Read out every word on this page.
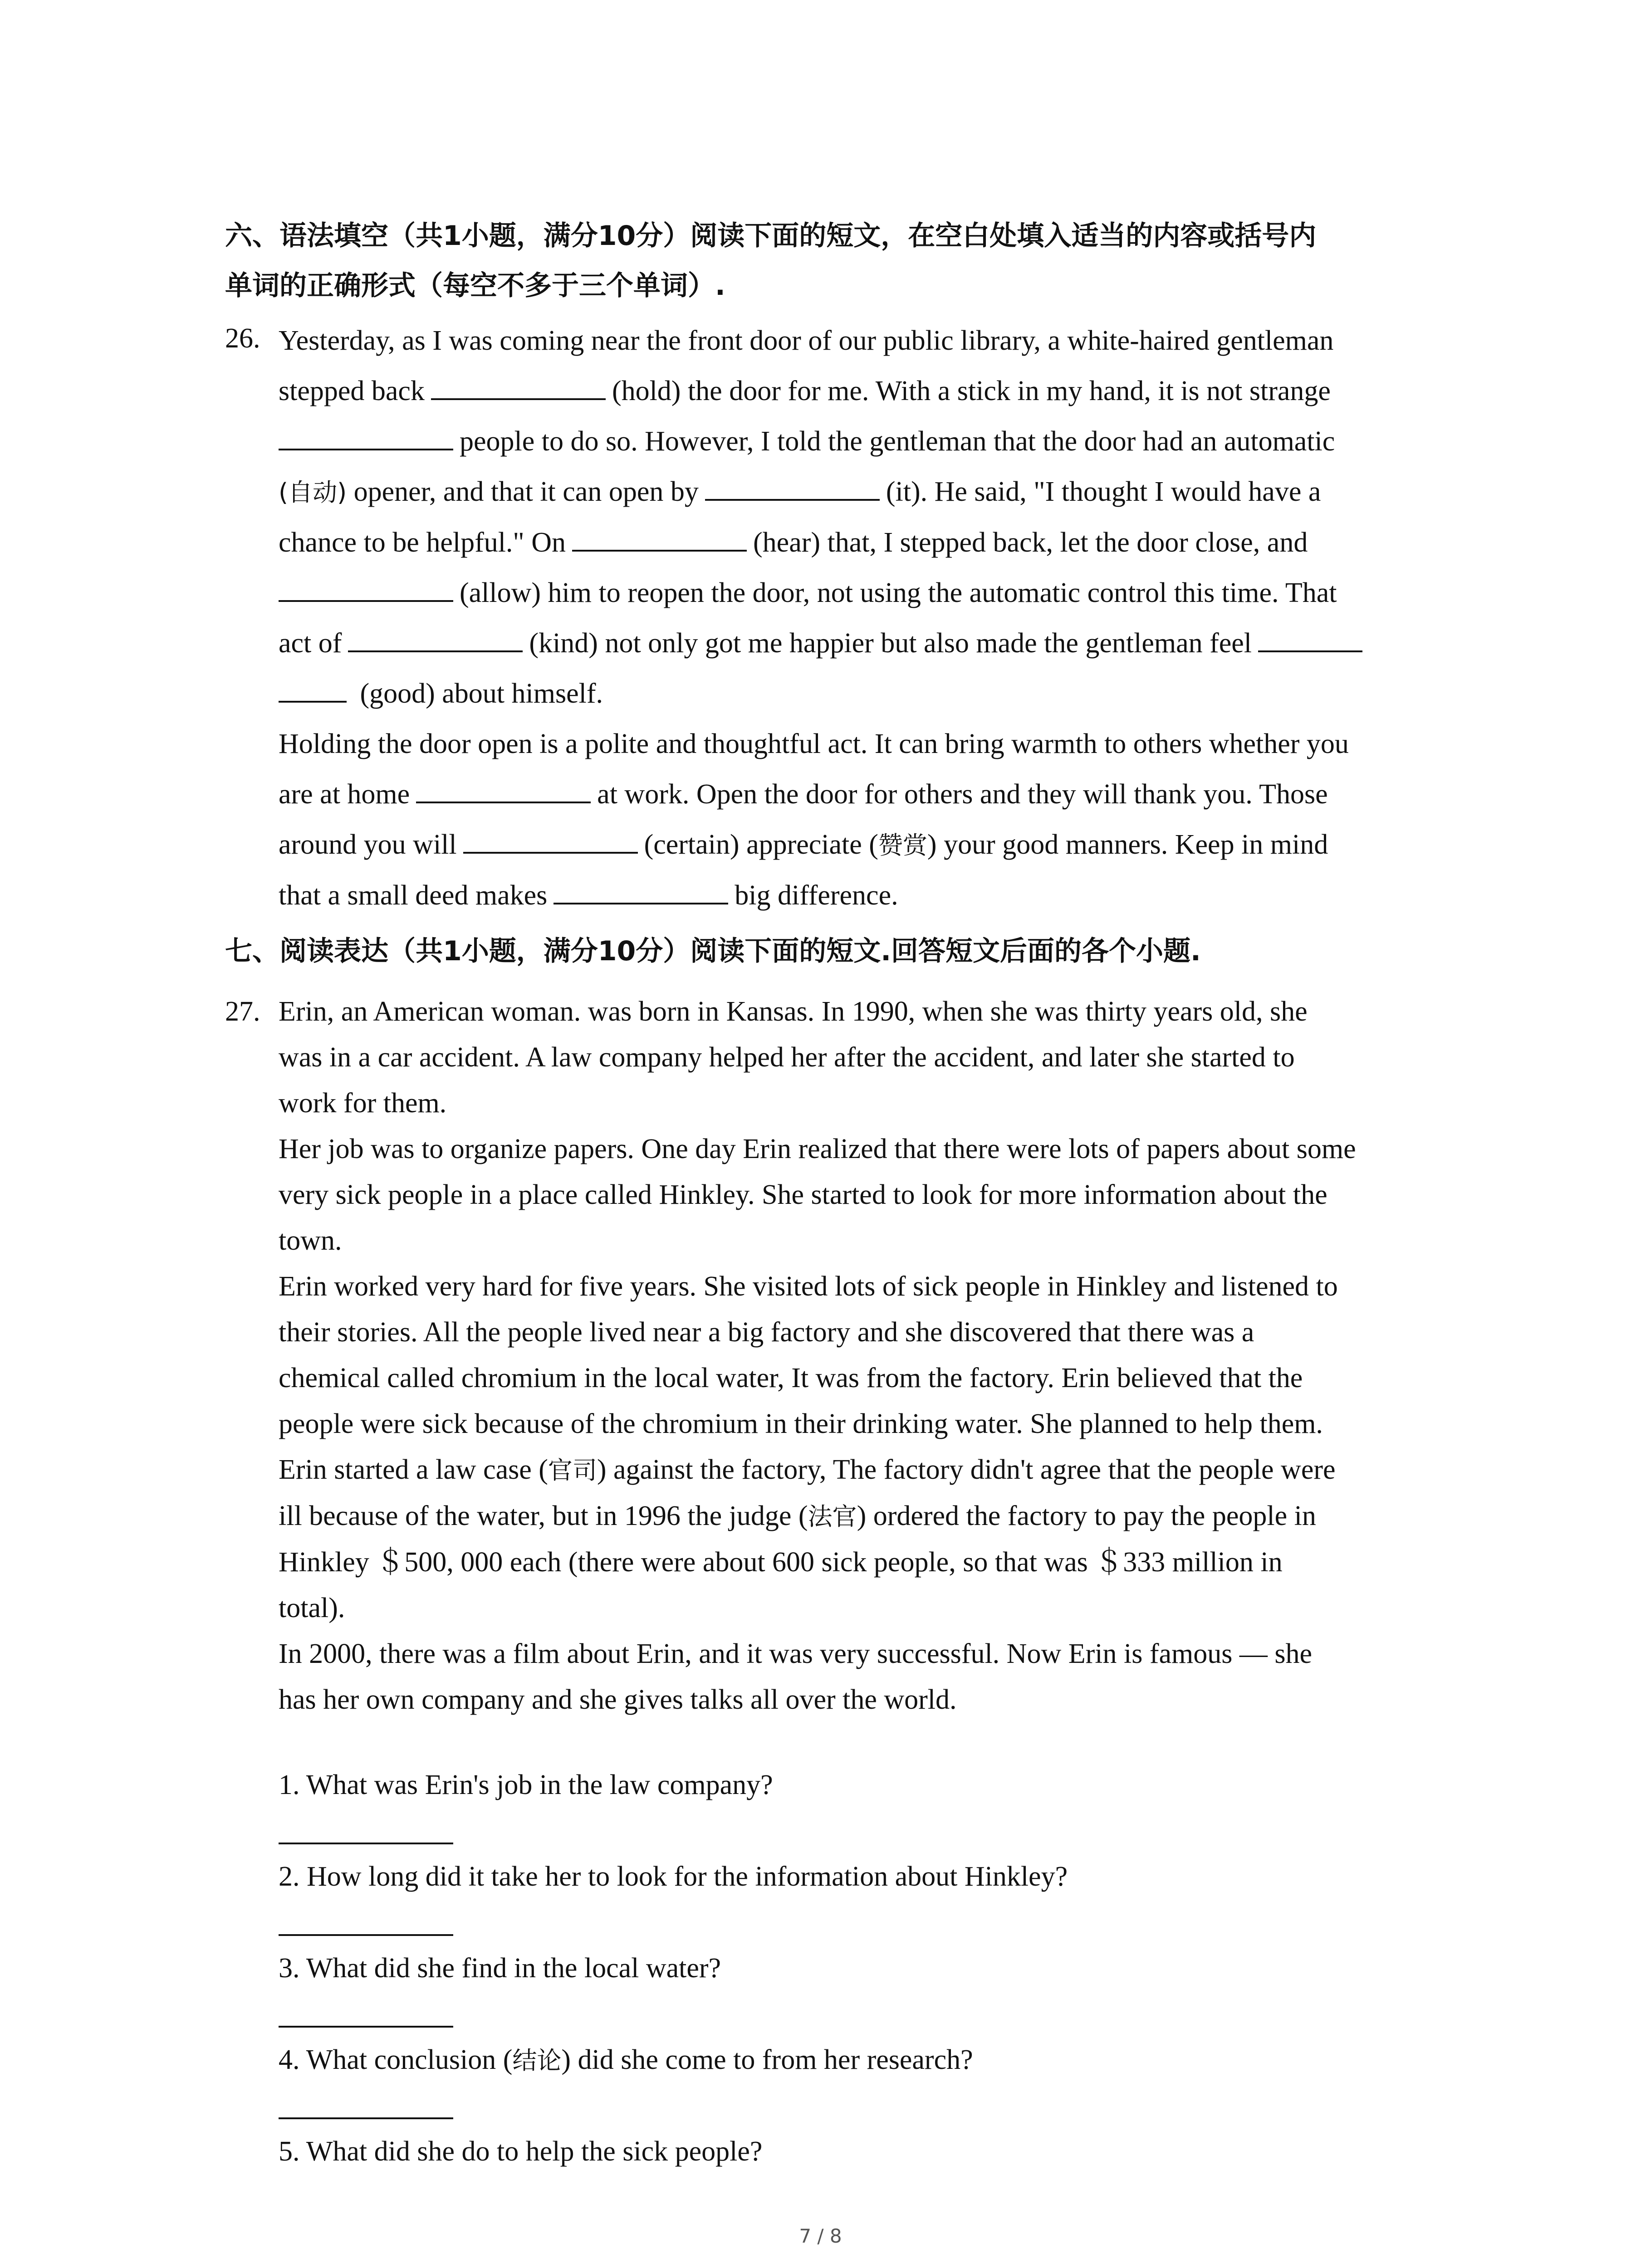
六、语法填空（共1小题，满分10分）阅读下面的短文，在空白处填入适当的内容或括号内
单词的正确形式（每空不多于三个单词）.

26. Yesterday, as I was coming near the front door of our public library, a white-haired gentleman
stepped back	(hold) the door for me. With a stick in my hand, it is not strange
people to do so. However, I told the gentleman that the door had an automatic
(自动) opener, and that it can open by	(it). He said, "I thought I would have a
chance to be helpful." On	(hear) that, I stepped back, let the door close, and
(allow) him to reopen the door, not using the automatic control this time. That
act of	(kind) not only got me happier but also made the gentleman feel
(good) about himself.

Holding the door open is a polite and thoughtful act. It can bring warmth to others whether you
are at home	at work. Open the door for others and they will thank you. Those
around you will	(certain) appreciate (赞赏) your good manners. Keep in mind
that a small deed makes	big difference.

七、阅读表达（共1小题，满分10分）阅读下面的短文.回答短文后面的各个小题.

27. Erin, an American woman. was born in Kansas. In 1990, when she was thirty years old, she
was in a car accident. A law company helped her after the accident, and later she started to
work for them.
Her job was to organize papers. One day Erin realized that there were lots of papers about some
very sick people in a place called Hinkley. She started to look for more information about the
town.
Erin worked very hard for five years. She visited lots of sick people in Hinkley and listened to
their stories. All the people lived near a big factory and she discovered that there was a
chemical called chromium in the local water, It was from the factory. Erin believed that the
people were sick because of the chromium in their drinking water. She planned to help them.
Erin started a law case (官司) against the factory, The factory didn't agree that the people were
ill because of the water, but in 1996 the judge (法官) ordered the factory to pay the people in
Hinkley ＄500, 000 each (there were about 600 sick people, so that was ＄333 million in
total).
In 2000, there was a film about Erin, and it was very successful. Now Erin is famous — she
has her own company and she gives talks all over the world.

1. What was Erin's job in the law company?

2. How long did it take her to look for the information about Hinkley?

3. What did she find in the local water?

4. What conclusion (结论) did she come to from her research?

5. What did she do to help the sick people?

7 / 8
